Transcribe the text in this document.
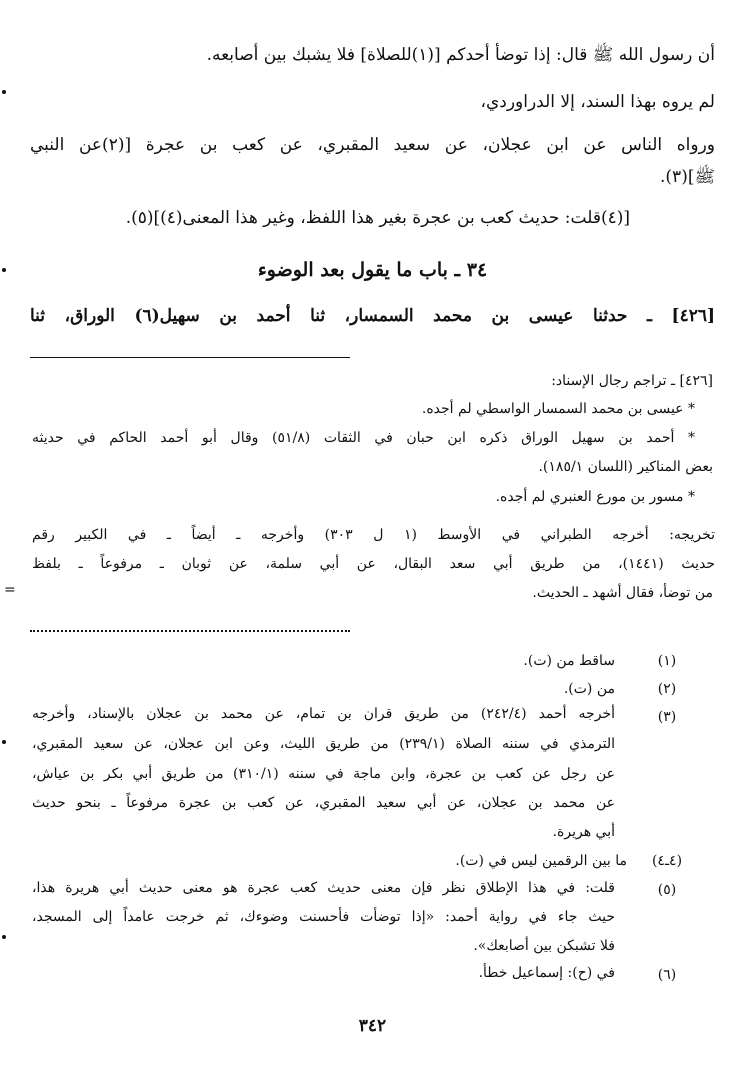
أن رسول الله ﷺ قال: إذا توضأ أحدكم [(١)للصلاة] فلا يشبك بين أصابعه.
لم يروه بهذا السند، إلا الدراوردي،
ورواه الناس عن ابن عجلان، عن سعيد المقبري، عن كعب بن عجرة [(٢)عن النبي
ﷺ](٣).
[(٤)قلت: حديث كعب بن عجرة بغير هذا اللفظ، وغير هذا المعنى(٤)](٥).
٣٤ ـ باب ما يقول بعد الوضوء
[٤٢٦] ـ حدثنا عيسى بن محمد السمسار، ثنا أحمد بن سهيل(٦) الوراق، ثنا
[٤٢٦] ـ تراجم رجال الإسناد:
* عيسى بن محمد السمسار الواسطي لم أجده.
* أحمد بن سهيل الوراق ذكره ابن حبان في الثقات (٥١/٨) وقال أبو أحمد الحاكم في حديثه
بعض المناكير (اللسان ١٨٥/١).
* مسور بن مورع العنبري لم أجده.
تخريجه: أخرجه الطبراني في الأوسط (١ ل ٣٠٣) وأخرجه ـ أيضاً ـ في الكبير رقم
حديث (١٤٤١)، من طريق أبي سعد البقال، عن أبي سلمة، عن ثوبان ـ مرفوعاً ـ بلفظ
من توضأ، فقال أشهد ـ الحديث.
(١)
ساقط من (ت).
(٢)
من (ت).
(٣)
أخرجه أحمد (٢٤٢/٤) من طريق قران بن تمام، عن محمد بن عجلان بالإسناد، وأخرجه
الترمذي في سننه الصلاة (٢٣٩/١) من طريق الليث، وعن ابن عجلان، عن سعيد المقبري،
عن رجل عن كعب بن عجرة، وابن ماجة في سننه (٣١٠/١) من طريق أبي بكر بن عياش،
عن محمد بن عجلان، عن أبي سعيد المقبري، عن كعب بن عجرة مرفوعاً ـ بنحو حديث
أبي هريرة.
(٤ـ٤)
ما بين الرقمين ليس في (ت).
(٥)
قلت: في هذا الإطلاق نظر فإن معنى حديث كعب عجرة هو معنى حديث أبي هريرة هذا،
حيث جاء في رواية أحمد: «إذا توضأت فأحسنت وضوءك، ثم خرجت عامداً إلى المسجد،
فلا تشبكن بين أصابعك».
(٦)
في (ح): إسماعيل خطأ.
٣٤٢
=
